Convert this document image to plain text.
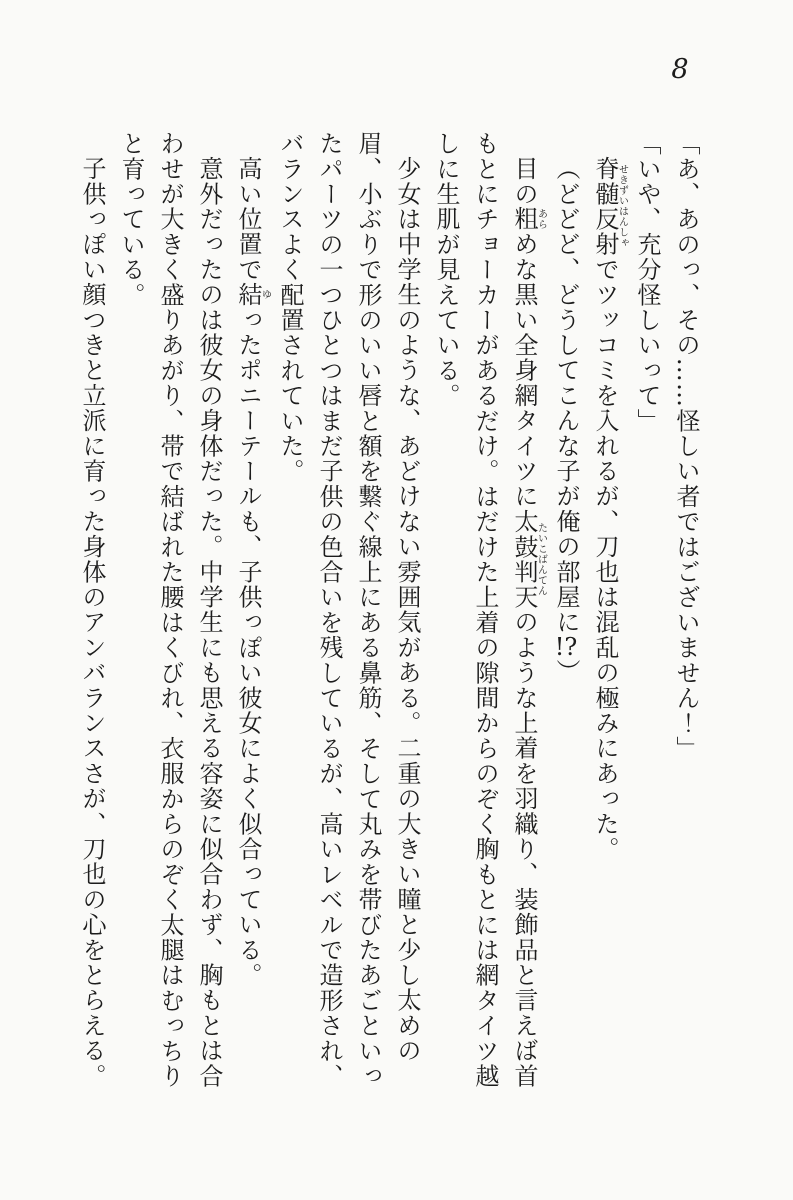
8

「あ、あのっ、その……怪しい者ではございません！」

「いや、充分怪しいって」

脊髄反射せきずいはんしゃでツッコミを入れるが、刀也は混乱の極みにあった。

（どどど、どうしてこんな子が俺の部屋に!?）

目の粗あらめな黒い全身網タイツに太鼓判天たいこばんてんのような上着を羽織り、装飾品と言えば首もとにチョーカーがあるだけ。はだけた上着の隙間からのぞく胸もとには網タイツ越しに生肌が見えている。

少女は中学生のような、あどけない雰囲気がある。二重の大きい瞳と少し太めの眉、小ぶりで形のいい唇と額を繋ぐ線上にある鼻筋、そして丸みを帯びたあごといったパーツの一つひとつはまだ子供の色合いを残しているが、高いレベルで造形され、バランスよく配置されていた。

高い位置で結ゆったポニーテールも、子供っぽい彼女によく似合っている。

意外だったのは彼女の身体だった。中学生にも思える容姿に似合わず、胸もとは合わせが大きく盛りあがり、帯で結ばれた腰はくびれ、衣服からのぞく太腿はむっちりと育っている。

子供っぽい顔つきと立派に育った身体のアンバランスさが、刀也の心をとらえる。
